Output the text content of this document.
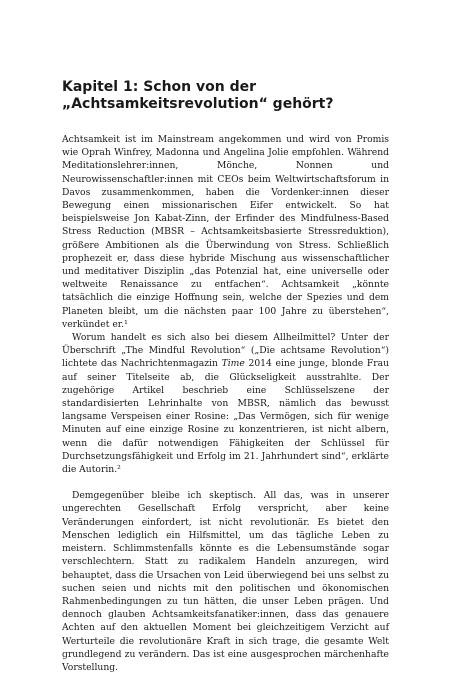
Kapitel 1: Schon von der „Achtsamkeitsrevolution“ gehört?

Achtsamkeit ist im Mainstream angekommen und wird von Promis wie Oprah Winfrey, Madonna und Angelina Jolie empfohlen. Während Meditationslehrer:innen, Mönche, Nonnen und Neurowissenschaftler:innen mit CEOs beim Weltwirtschaftsforum in Davos zusammenkommen, haben die Vordenker:innen dieser Bewegung einen missionarischen Eifer entwickelt. So hat beispielsweise Jon Kabat-Zinn, der Erfinder des Mindfulness-Based Stress Reduction (MBSR – Achtsamkeitsbasierte Stressreduktion), größere Ambitionen als die Überwindung von Stress. Schließlich prophezeit er, dass diese hybride Mischung aus wissenschaftlicher und meditativer Disziplin „das Potenzial hat, eine universelle oder weltweite Renaissance zu entfachen“. Achtsamkeit „könnte tatsächlich die einzige Hoffnung sein, welche der Spezies und dem Planeten bleibt, um die nächsten paar 100 Jahre zu überstehen“, verkündet er.¹

Worum handelt es sich also bei diesem Allheilmittel? Unter der Überschrift „The Mindful Revolution“ („Die achtsame Revolution“) lichtete das Nachrichtenmagazin Time 2014 eine junge, blonde Frau auf seiner Titelseite ab, die Glückseligkeit ausstrahlte. Der zugehörige Artikel beschrieb eine Schlüsselszene der standardisierten Lehrinhalte von MBSR, nämlich das bewusst langsame Verspeisen einer Rosine: „Das Vermögen, sich für wenige Minuten auf eine einzige Rosine zu konzentrieren, ist nicht albern, wenn die dafür notwendigen Fähigkeiten der Schlüssel für Durchsetzungsfähigkeit und Erfolg im 21. Jahrhundert sind“, erklärte die Autorin.²

Demgegenüber bleibe ich skeptisch. All das, was in unserer ungerechten Gesellschaft Erfolg verspricht, aber keine Veränderungen einfordert, ist nicht revolutionär. Es bietet den Menschen lediglich ein Hilfsmittel, um das tägliche Leben zu meistern. Schlimmstenfalls könnte es die Lebensumstände sogar verschlechtern. Statt zu radikalem Handeln anzuregen, wird behauptet, dass die Ursachen von Leid überwiegend bei uns selbst zu suchen seien und nichts mit den politischen und ökonomischen Rahmenbedingungen zu tun hätten, die unser Leben prägen. Und dennoch glauben Achtsamkeitsfanatiker:innen, dass das genauere Achten auf den aktuellen Moment bei gleichzeitigem Verzicht auf Werturteile die revolutionäre Kraft in sich trage, die gesamte Welt grundlegend zu verändern. Das ist eine ausgesprochen märchenhafte Vorstellung.
